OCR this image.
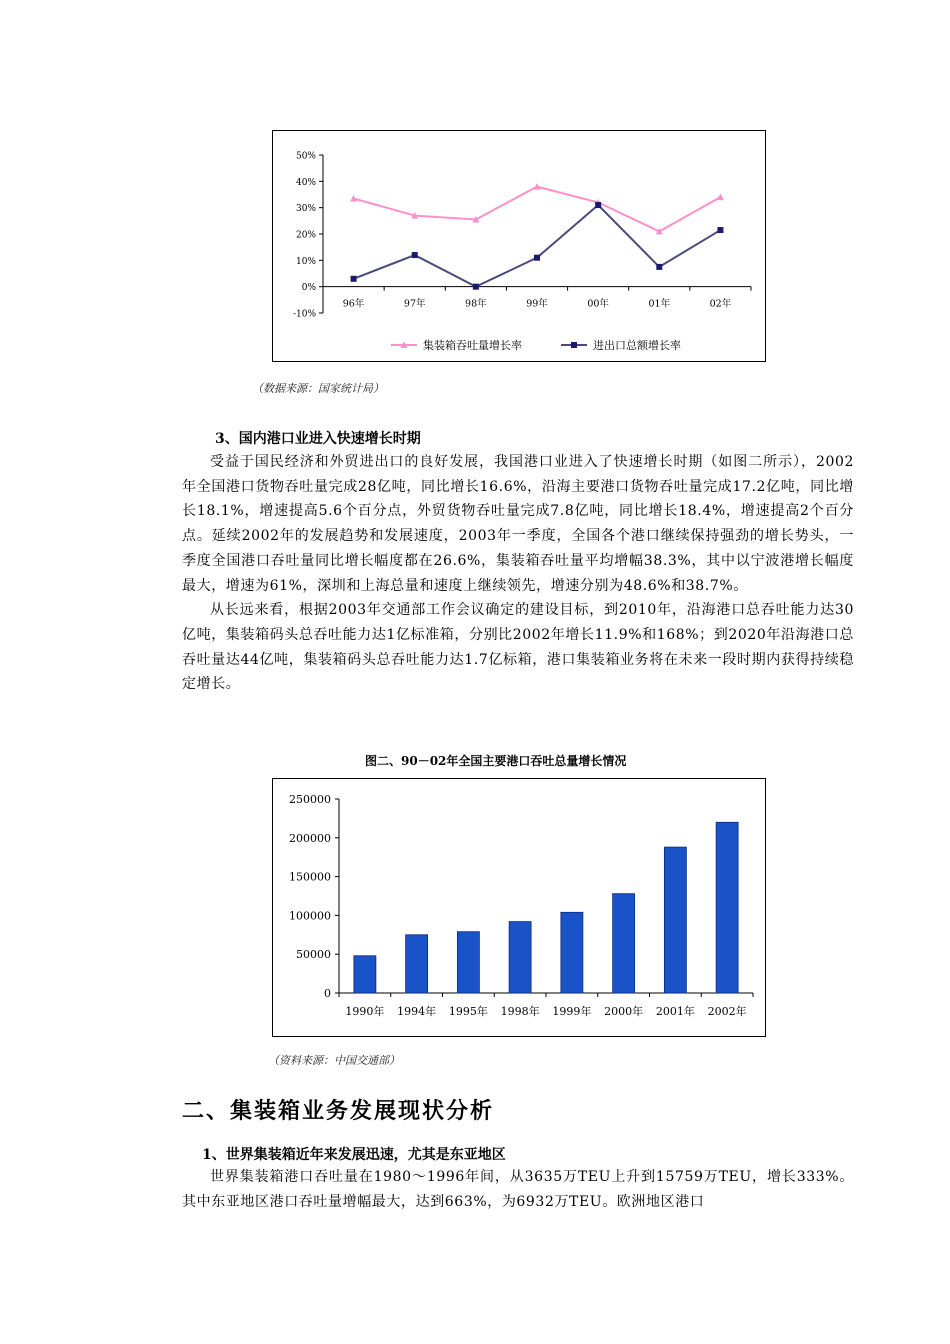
50%
40%
30%
20%
10%
0%
-10%
96年	97年	98年	99年	00年	01年	02年
集装箱吞吐量增长率	进出口总额增长率
（数据来源：国家统计局）
3、国内港口业进入快速增长时期

受益于国民经济和外贸进出口的良好发展，我国港口业进入了快速增长时期（如图二所示），2002年全国港口货物吞吐量完成28亿吨，同比增长16.6%，沿海主要港口货物吞吐量完成17.2亿吨，同比增长18.1%，增速提高5.6个百分点，外贸货物吞吐量完成7.8亿吨，同比增长18.4%，增速提高2个百分点。延续2002年的发展趋势和发展速度，2003年一季度，全国各个港口继续保持强劲的增长势头，一季度全国港口吞吐量同比增长幅度都在26.6%，集装箱吞吐量平均增幅38.3%，其中以宁波港增长幅度最大，增速为61%，深圳和上海总量和速度上继续领先，增速分别为48.6%和38.7%。

从长远来看，根据2003年交通部工作会议确定的建设目标，到2010年，沿海港口总吞吐能力达30亿吨，集装箱码头总吞吐能力达1亿标准箱，分别比2002年增长11.9%和168%；到2020年沿海港口总吞吐量达44亿吨，集装箱码头总吞吐能力达1.7亿标箱，港口集装箱业务将在未来一段时期内获得持续稳定增长。

图二、90－02年全国主要港口吞吐总量增长情况
250000
200000
150000
100000
50000
0
1990年 1994年 1995年 1998年 1999年 2000年 2001年 2002年
（资料来源：中国交通部）
二、集装箱业务发展现状分析
1、世界集装箱近年来发展迅速，尤其是东亚地区

世界集装箱港口吞吐量在1980～1996年间，从3635万TEU上升到15759万TEU，增长333%。其中东亚地区港口吞吐量增幅最大，达到663%，为6932万TEU。欧洲地区港口
